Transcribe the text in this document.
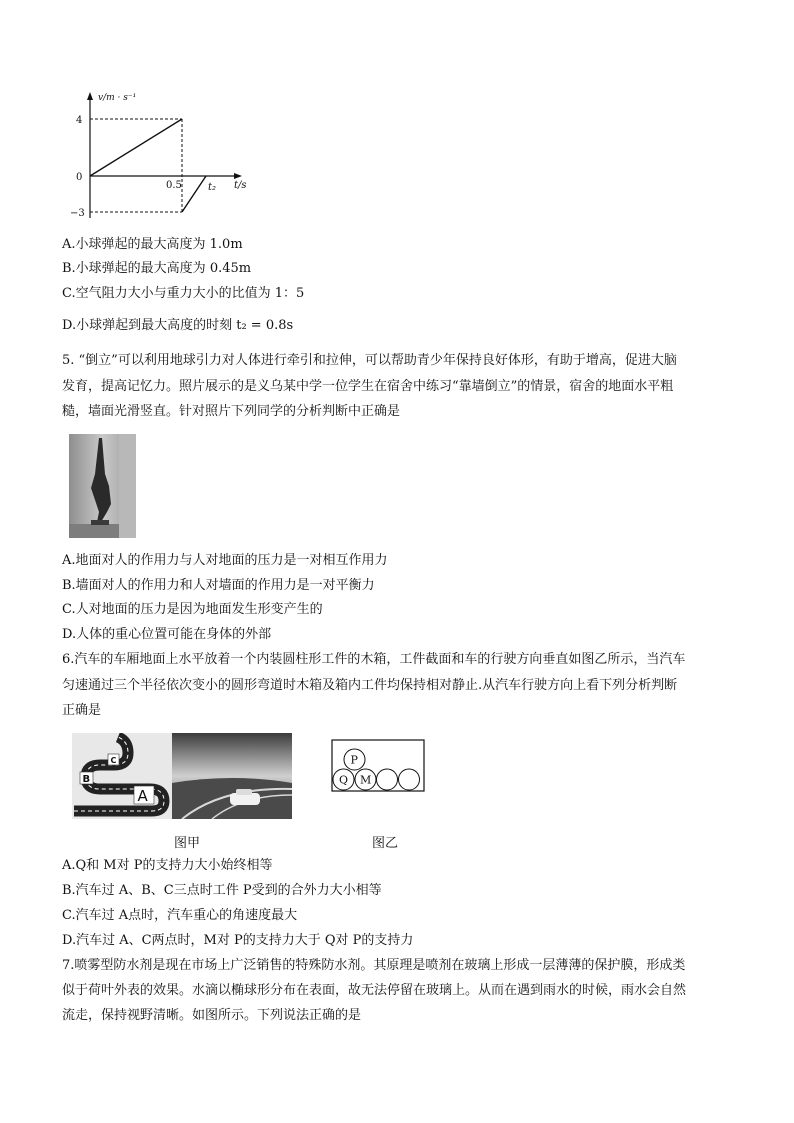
v/m · s⁻¹
4
0
−3
0.5	t₂ t/s
A.小球弹起的最大高度为 1.0m
B.小球弹起的最大高度为 0.45m
C.空气阻力大小与重力大小的比值为 1：5
D.小球弹起到最大高度的时刻 t₂ = 0.8s
5. “倒立”可以利用地球引力对人体进行牵引和拉伸，可以帮助青少年保持良好体形，有助于增高，促进大脑
发育，提高记忆力。照片展示的是义乌某中学一位学生在宿舍中练习“靠墙倒立”的情景，宿舍的地面水平粗
糙，墙面光滑竖直。针对照片下列同学的分析判断中正确是
A.地面对人的作用力与人对地面的压力是一对相互作用力
B.墙面对人的作用力和人对墙面的作用力是一对平衡力
C.人对地面的压力是因为地面发生形变产生的
D.人体的重心位置可能在身体的外部
6.汽车的车厢地面上水平放着一个内装圆柱形工件的木箱，工件截面和车的行驶方向垂直如图乙所示，当汽车
匀速通过三个半径依次变小的圆形弯道时木箱及箱内工件均保持相对静止.从汽车行驶方向上看下列分析判断
正确是
C
B
A
P
Q M
图甲	图乙
A.Q和 M对 P的支持力大小始终相等
B.汽车过 A、B、C三点时工件 P受到的合外力大小相等
C.汽车过 A点时，汽车重心的角速度最大
D.汽车过 A、C两点时，M对 P的支持力大于 Q对 P的支持力
7.喷雾型防水剂是现在市场上广泛销售的特殊防水剂。其原理是喷剂在玻璃上形成一层薄薄的保护膜，形成类
似于荷叶外表的效果。水滴以椭球形分布在表面，故无法停留在玻璃上。从而在遇到雨水的时候，雨水会自然
流走，保持视野清晰。如图所示。下列说法正确的是
